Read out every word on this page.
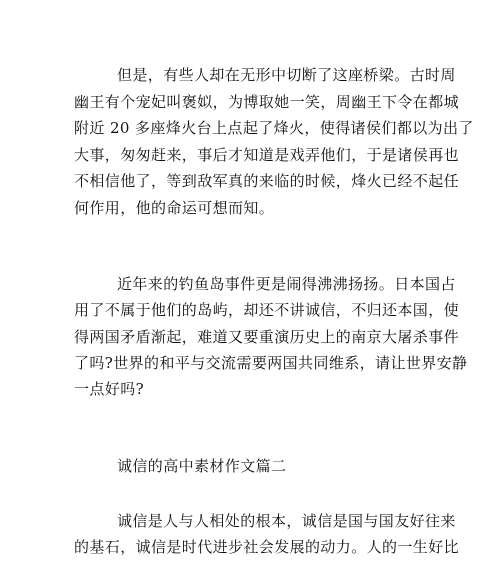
但是，有些人却在无形中切断了这座桥梁。古时周
幽王有个宠妃叫褒姒，为博取她一笑，周幽王下令在都城
附近 20 多座烽火台上点起了烽火，使得诸侯们都以为出了
大事，匆匆赶来，事后才知道是戏弄他们，于是诸侯再也
不相信他了，等到敌军真的来临的时候，烽火已经不起任
何作用，他的命运可想而知。
近年来的钓鱼岛事件更是闹得沸沸扬扬。日本国占
用了不属于他们的岛屿，却还不讲诚信，不归还本国，使
得两国矛盾渐起，难道又要重演历史上的南京大屠杀事件
了吗?世界的和平与交流需要两国共同维系，请让世界安静
一点好吗?
诚信的高中素材作文篇二
诚信是人与人相处的根本，诚信是国与国友好往来
的基石，诚信是时代进步社会发展的动力。人的一生好比
